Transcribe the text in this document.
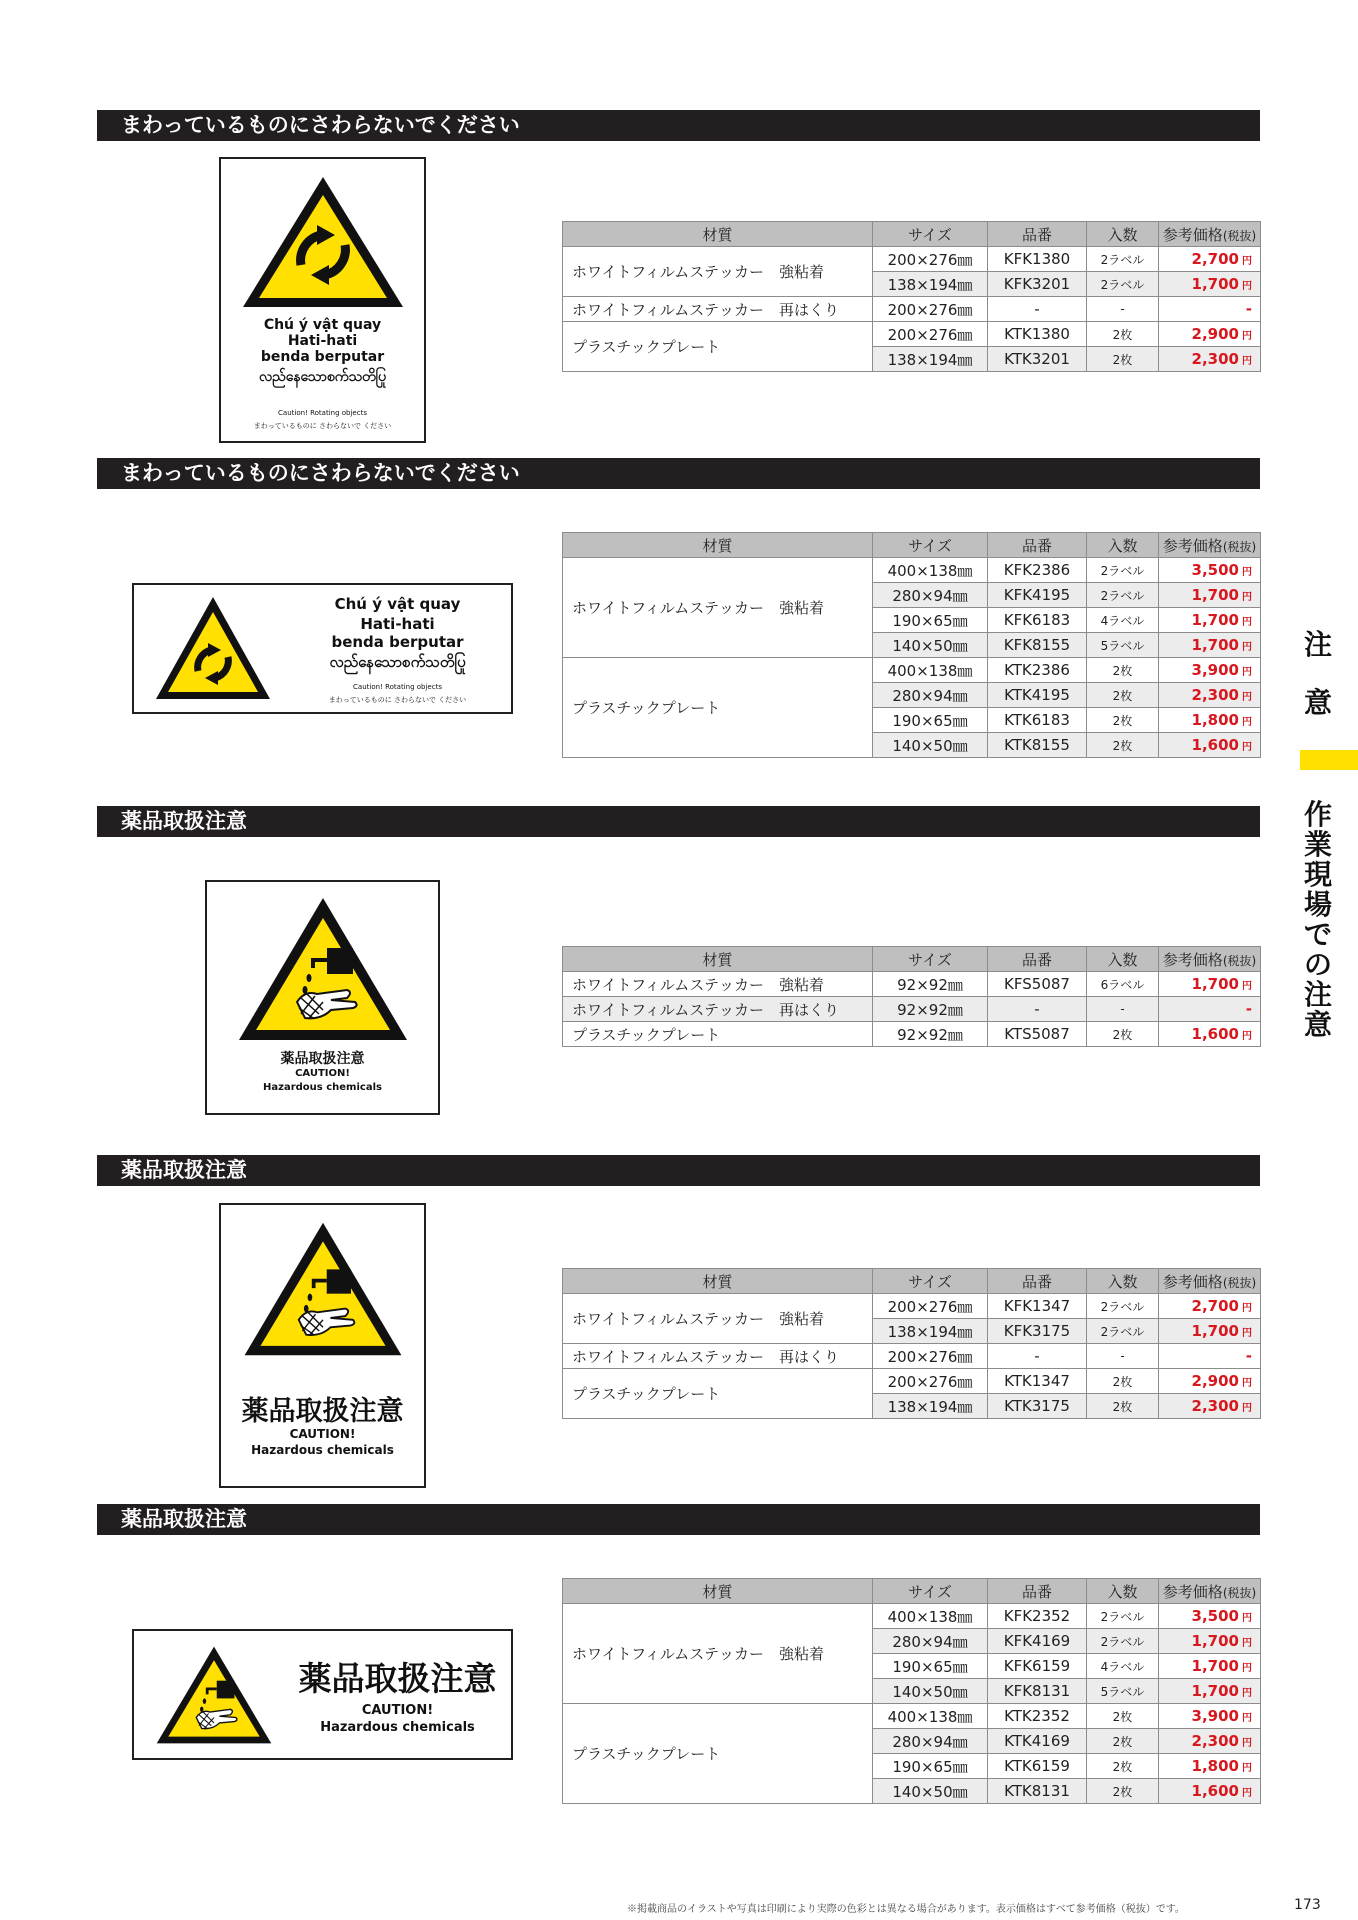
まわっているものにさわらないでください
Chú ý vật quay
Hati-hati
benda berputar
လည်နေသောစက်သတိပြု
Caution! Rotating objects
まわっているものに さわらないで ください
材質	サイズ	品番	入数	参考価格(税抜)
ホワイトフィルムステッカー　強粘着	200×276㎜	KFK1380	2ラベル	2,700 円
	138×194㎜	KFK3201	2ラベル	1,700 円
ホワイトフィルムステッカー　再はくり	200×276㎜	-	-	-
プラスチックプレート	200×276㎜	KTK1380	2枚	2,900 円
	138×194㎜	KTK3201	2枚	2,300 円
まわっているものにさわらないでください
Chú ý vật quay
Hati-hati
benda berputar
လည်နေသောစက်သတိပြု
Caution! Rotating objects
まわっているものに さわらないで ください
材質	サイズ	品番	入数	参考価格(税抜)
ホワイトフィルムステッカー　強粘着	400×138㎜	KFK2386	2ラベル	3,500 円
	280×94㎜	KFK4195	2ラベル	1,700 円
	190×65㎜	KFK6183	4ラベル	1,700 円
	140×50㎜	KFK8155	5ラベル	1,700 円
プラスチックプレート	400×138㎜	KTK2386	2枚	3,900 円
	280×94㎜	KTK4195	2枚	2,300 円
	190×65㎜	KTK6183	2枚	1,800 円
	140×50㎜	KTK8155	2枚	1,600 円
薬品取扱注意
薬品取扱注意
CAUTION!
Hazardous chemicals
材質	サイズ	品番	入数	参考価格(税抜)
ホワイトフィルムステッカー　強粘着	92×92㎜	KFS5087	6ラベル	1,700 円
ホワイトフィルムステッカー　再はくり	92×92㎜	-	-	-
プラスチックプレート	92×92㎜	KTS5087	2枚	1,600 円
薬品取扱注意
薬品取扱注意
CAUTION!
Hazardous chemicals
材質	サイズ	品番	入数	参考価格(税抜)
ホワイトフィルムステッカー　強粘着	200×276㎜	KFK1347	2ラベル	2,700 円
	138×194㎜	KFK3175	2ラベル	1,700 円
ホワイトフィルムステッカー　再はくり	200×276㎜	-	-	-
プラスチックプレート	200×276㎜	KTK1347	2枚	2,900 円
	138×194㎜	KTK3175	2枚	2,300 円
薬品取扱注意
薬品取扱注意
CAUTION!
Hazardous chemicals
材質	サイズ	品番	入数	参考価格(税抜)
ホワイトフィルムステッカー　強粘着	400×138㎜	KFK2352	2ラベル	3,500 円
	280×94㎜	KFK4169	2ラベル	1,700 円
	190×65㎜	KFK6159	4ラベル	1,700 円
	140×50㎜	KFK8131	5ラベル	1,700 円
プラスチックプレート	400×138㎜	KTK2352	2枚	3,900 円
	280×94㎜	KTK4169	2枚	2,300 円
	190×65㎜	KTK6159	2枚	1,800 円
	140×50㎜	KTK8131	2枚	1,600 円
注
意
作
業
現
場
で
の
注
意
※掲載商品のイラストや写真は印刷により実際の色彩とは異なる場合があります。表示価格はすべて参考価格（税抜）です。	173
